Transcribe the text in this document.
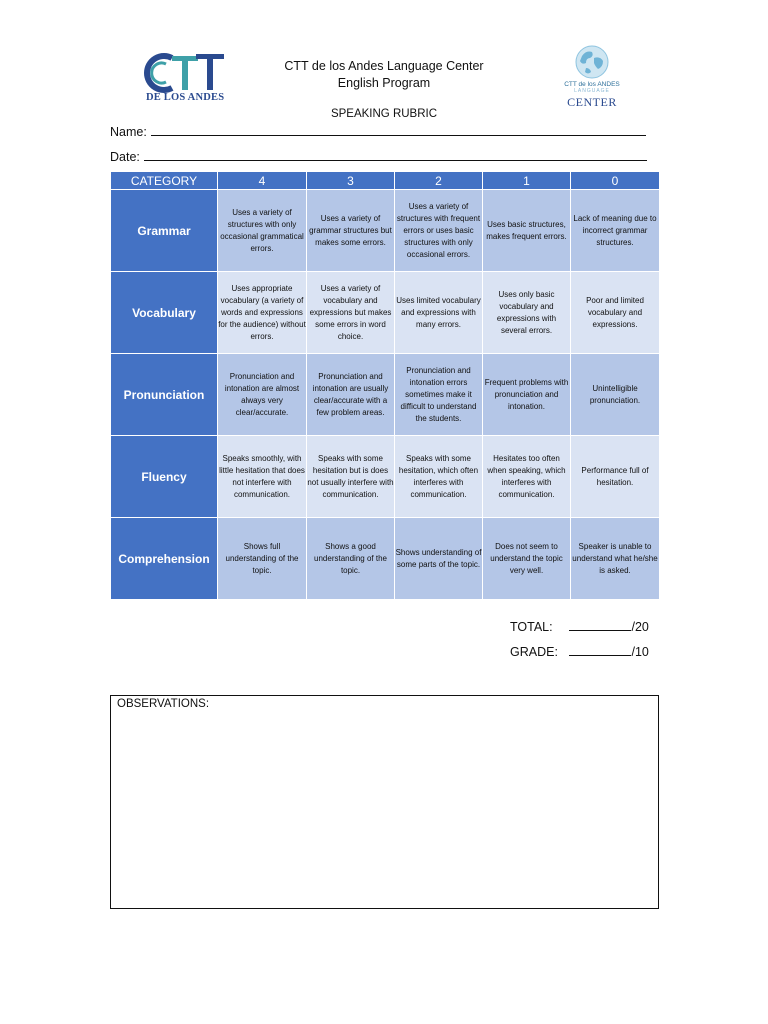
DE LOS ANDES
CTT de los Andes Language Center
English Program
SPEAKING RUBRIC
CTT de los ANDES
LANGUAGE
CENTER
Name:
Date:
CATEGORY	4	3	2	1	0
Grammar	Uses a variety of structures with only occasional grammatical errors.	Uses a variety of grammar structures but makes some errors.	Uses a variety of structures with frequent errors or uses basic structures with only occasional errors.	Uses basic structures, makes frequent errors.	Lack of meaning due to incorrect grammar structures.
Vocabulary	Uses appropriate vocabulary (a variety of words and expressions for the audience) without errors.	Uses a variety of vocabulary and expressions but makes some errors in word choice.	Uses limited vocabulary and expressions with many errors.	Uses only basic vocabulary and expressions with several errors.	Poor and limited vocabulary and expressions.
Pronunciation	Pronunciation and intonation are almost always very clear/accurate.	Pronunciation and intonation are usually clear/accurate with a few problem areas.	Pronunciation and intonation errors sometimes make it difficult to understand the students.	Frequent problems with pronunciation and intonation.	Unintelligible pronunciation.
Fluency	Speaks smoothly, with little hesitation that does not interfere with communication.	Speaks with some hesitation but is does not usually interfere with communication.	Speaks with some hesitation, which often interferes with communication.	Hesitates too often when speaking, which interferes with communication.	Performance full of hesitation.
Comprehension	Shows full understanding of the topic.	Shows a good understanding of the topic.	Shows understanding of some parts of the topic.	Does not seem to understand the topic very well.	Speaker is unable to understand what he/she is asked.
TOTAL:	/20
GRADE:	/10
OBSERVATIONS:
